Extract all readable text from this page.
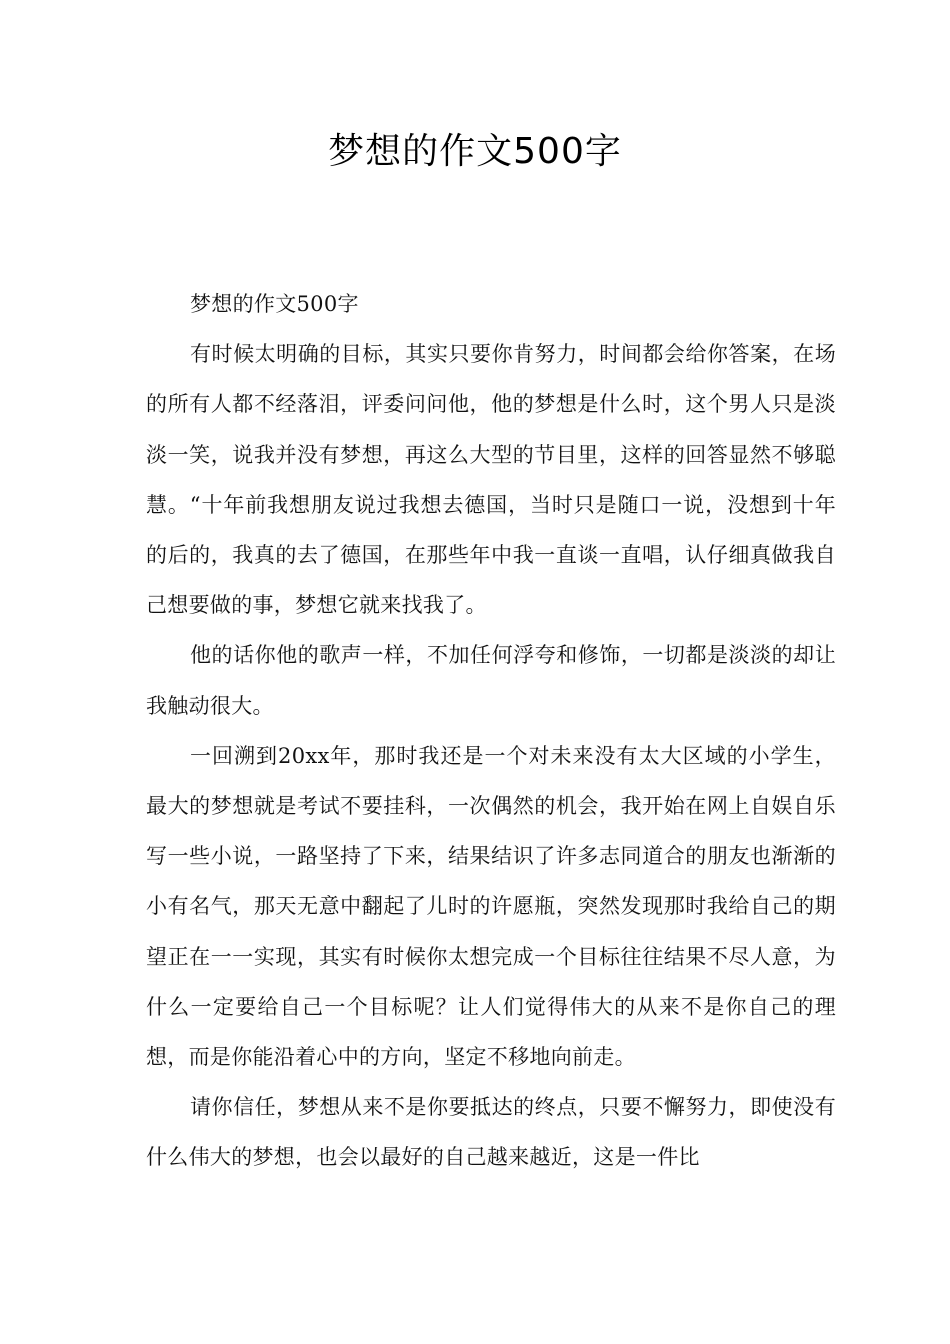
梦想的作文500字

梦想的作文500字

有时候太明确的目标，其实只要你肯努力，时间都会给你答案，在场的所有人都不经落泪，评委问问他，他的梦想是什么时，这个男人只是淡淡一笑，说我并没有梦想，再这么大型的节目里，这样的回答显然不够聪慧。“十年前我想朋友说过我想去德国，当时只是随口一说，没想到十年的后的，我真的去了德国，在那些年中我一直谈一直唱，认仔细真做我自己想要做的事，梦想它就来找我了。

他的话你他的歌声一样，不加任何浮夸和修饰，一切都是淡淡的却让我触动很大。

一回溯到20xx年，那时我还是一个对未来没有太大区域的小学生，最大的梦想就是考试不要挂科，一次偶然的机会，我开始在网上自娱自乐写一些小说，一路坚持了下来，结果结识了许多志同道合的朋友也渐渐的小有名气，那天无意中翻起了儿时的许愿瓶，突然发现那时我给自己的期望正在一一实现，其实有时候你太想完成一个目标往往结果不尽人意，为什么一定要给自己一个目标呢？让人们觉得伟大的从来不是你自己的理想，而是你能沿着心中的方向，坚定不移地向前走。

请你信任，梦想从来不是你要抵达的终点，只要不懈努力，即使没有什么伟大的梦想，也会以最好的自己越来越近，这是一件比
